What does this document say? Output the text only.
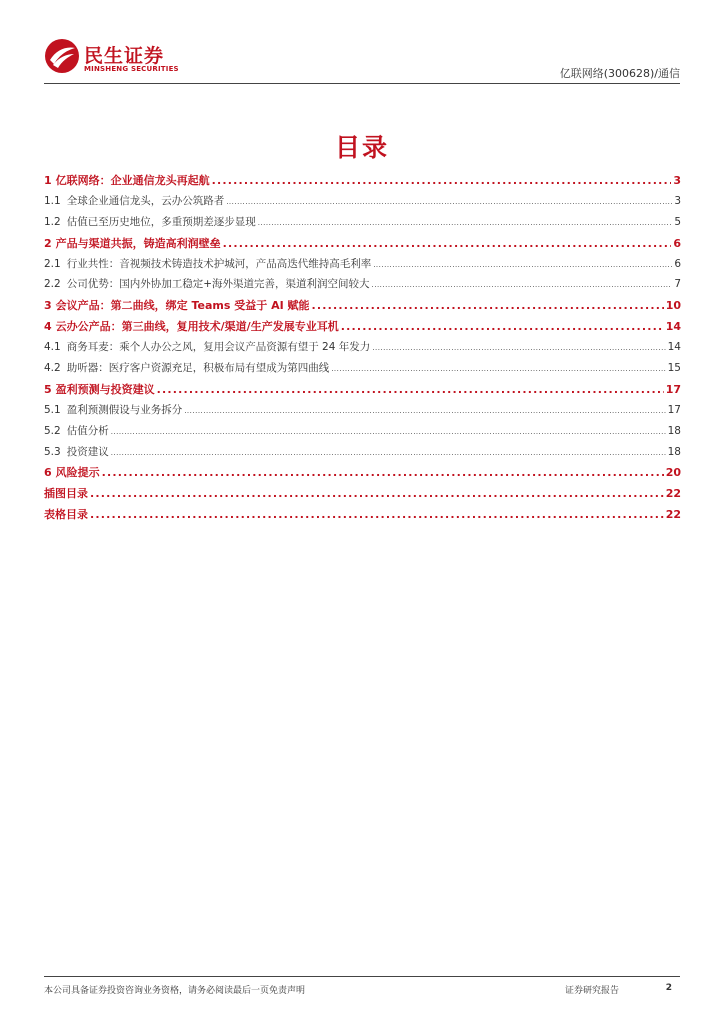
民生证券
MINSHENG SECURITIES	亿联网络(300628)/通信
目录
1 亿联网络：企业通信龙头再起航 .....	3
1.1 全球企业通信龙头，云办公筑路者 .....	3
1.2 估值已至历史地位，多重预期差逐步显现 .....	5
2 产品与渠道共振，铸造高利润壁垒 .....	6
2.1 行业共性：音视频技术铸造技术护城河，产品高迭代维持高毛利率 .....	6
2.2 公司优势：国内外协加工稳定+海外渠道完善，渠道利润空间较大 .....	7
3 会议产品：第二曲线，绑定 Teams 受益于 AI 赋能 .....	10
4 云办公产品：第三曲线，复用技术/渠道/生产发展专业耳机 .....	14
4.1 商务耳麦：乘个人办公之风，复用会议产品资源有望于 24 年发力 .....	14
4.2 助听器：医疗客户资源充足，积极布局有望成为第四曲线 .....	15
5 盈利预测与投资建议 .....	17
5.1 盈利预测假设与业务拆分 .....	17
5.2 估值分析 .....	18
5.3 投资建议 .....	18
6 风险提示 .....	20
插图目录 .....	22
表格目录 .....	22
本公司具备证券投资咨询业务资格，请务必阅读最后一页免责声明	证券研究报告	2
